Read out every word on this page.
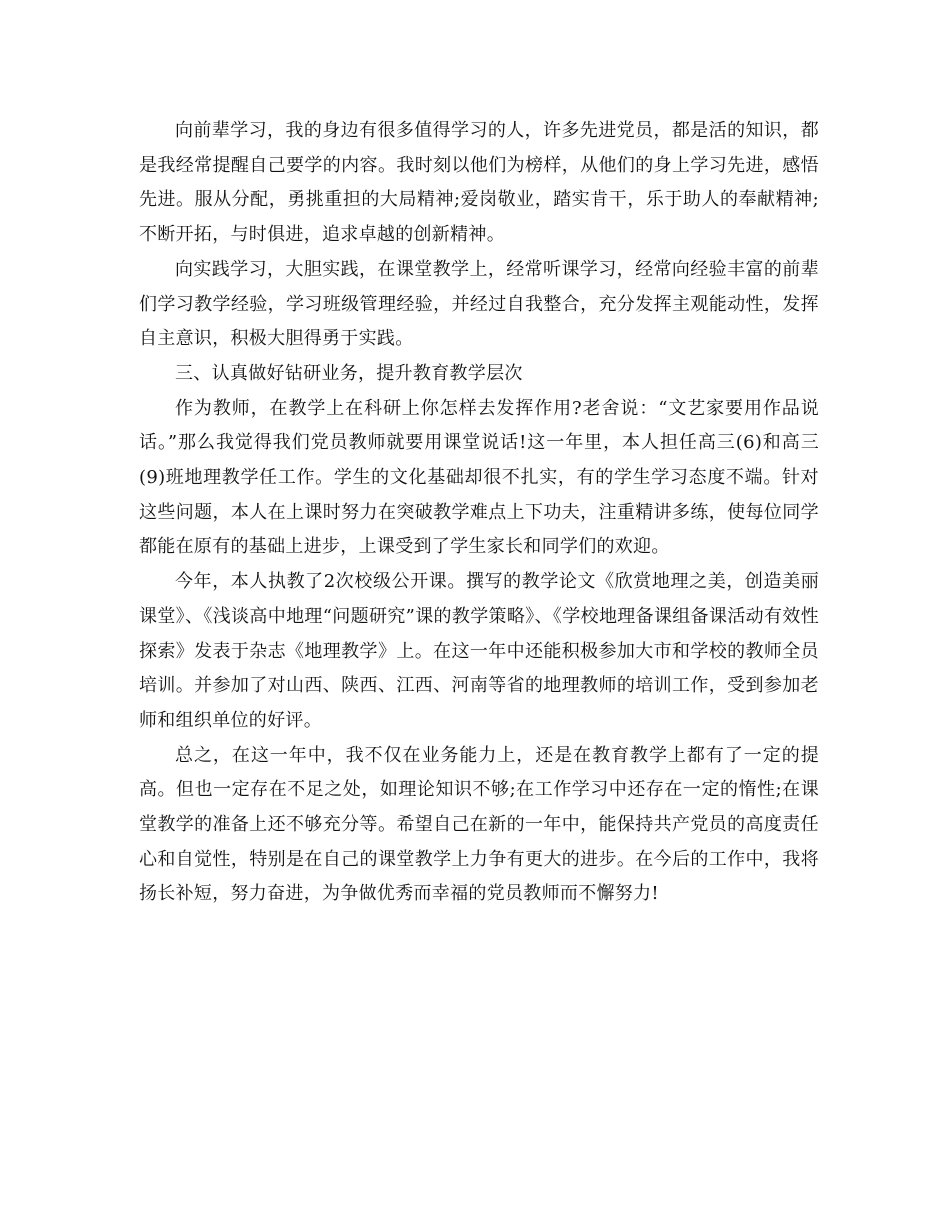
向前辈学习，我的身边有很多值得学习的人，许多先进党员，都是活的知识，都是我经常提醒自己要学的内容。我时刻以他们为榜样，从他们的身上学习先进，感悟先进。服从分配，勇挑重担的大局精神;爱岗敬业，踏实肯干，乐于助人的奉献精神;不断开拓，与时俱进，追求卓越的创新精神。

向实践学习，大胆实践，在课堂教学上，经常听课学习，经常向经验丰富的前辈们学习教学经验，学习班级管理经验，并经过自我整合，充分发挥主观能动性，发挥自主意识，积极大胆得勇于实践。

三、认真做好钻研业务，提升教育教学层次

作为教师，在教学上在科研上你怎样去发挥作用?老舍说：“文艺家要用作品说话。”那么我觉得我们党员教师就要用课堂说话!这一年里，本人担任高三(6)和高三(9)班地理教学任工作。学生的文化基础却很不扎实，有的学生学习态度不端。针对这些问题，本人在上课时努力在突破教学难点上下功夫，注重精讲多练，使每位同学都能在原有的基础上进步，上课受到了学生家长和同学们的欢迎。

今年，本人执教了2次校级公开课。撰写的教学论文《欣赏地理之美，创造美丽课堂》、《浅谈高中地理“问题研究”课的教学策略》、《学校地理备课组备课活动有效性探索》发表于杂志《地理教学》上。在这一年中还能积极参加大市和学校的教师全员培训。并参加了对山西、陕西、江西、河南等省的地理教师的培训工作，受到参加老师和组织单位的好评。

总之，在这一年中，我不仅在业务能力上，还是在教育教学上都有了一定的提高。但也一定存在不足之处，如理论知识不够;在工作学习中还存在一定的惰性;在课堂教学的准备上还不够充分等。希望自己在新的一年中，能保持共产党员的高度责任心和自觉性，特别是在自己的课堂教学上力争有更大的进步。在今后的工作中，我将扬长补短，努力奋进，为争做优秀而幸福的党员教师而不懈努力!
